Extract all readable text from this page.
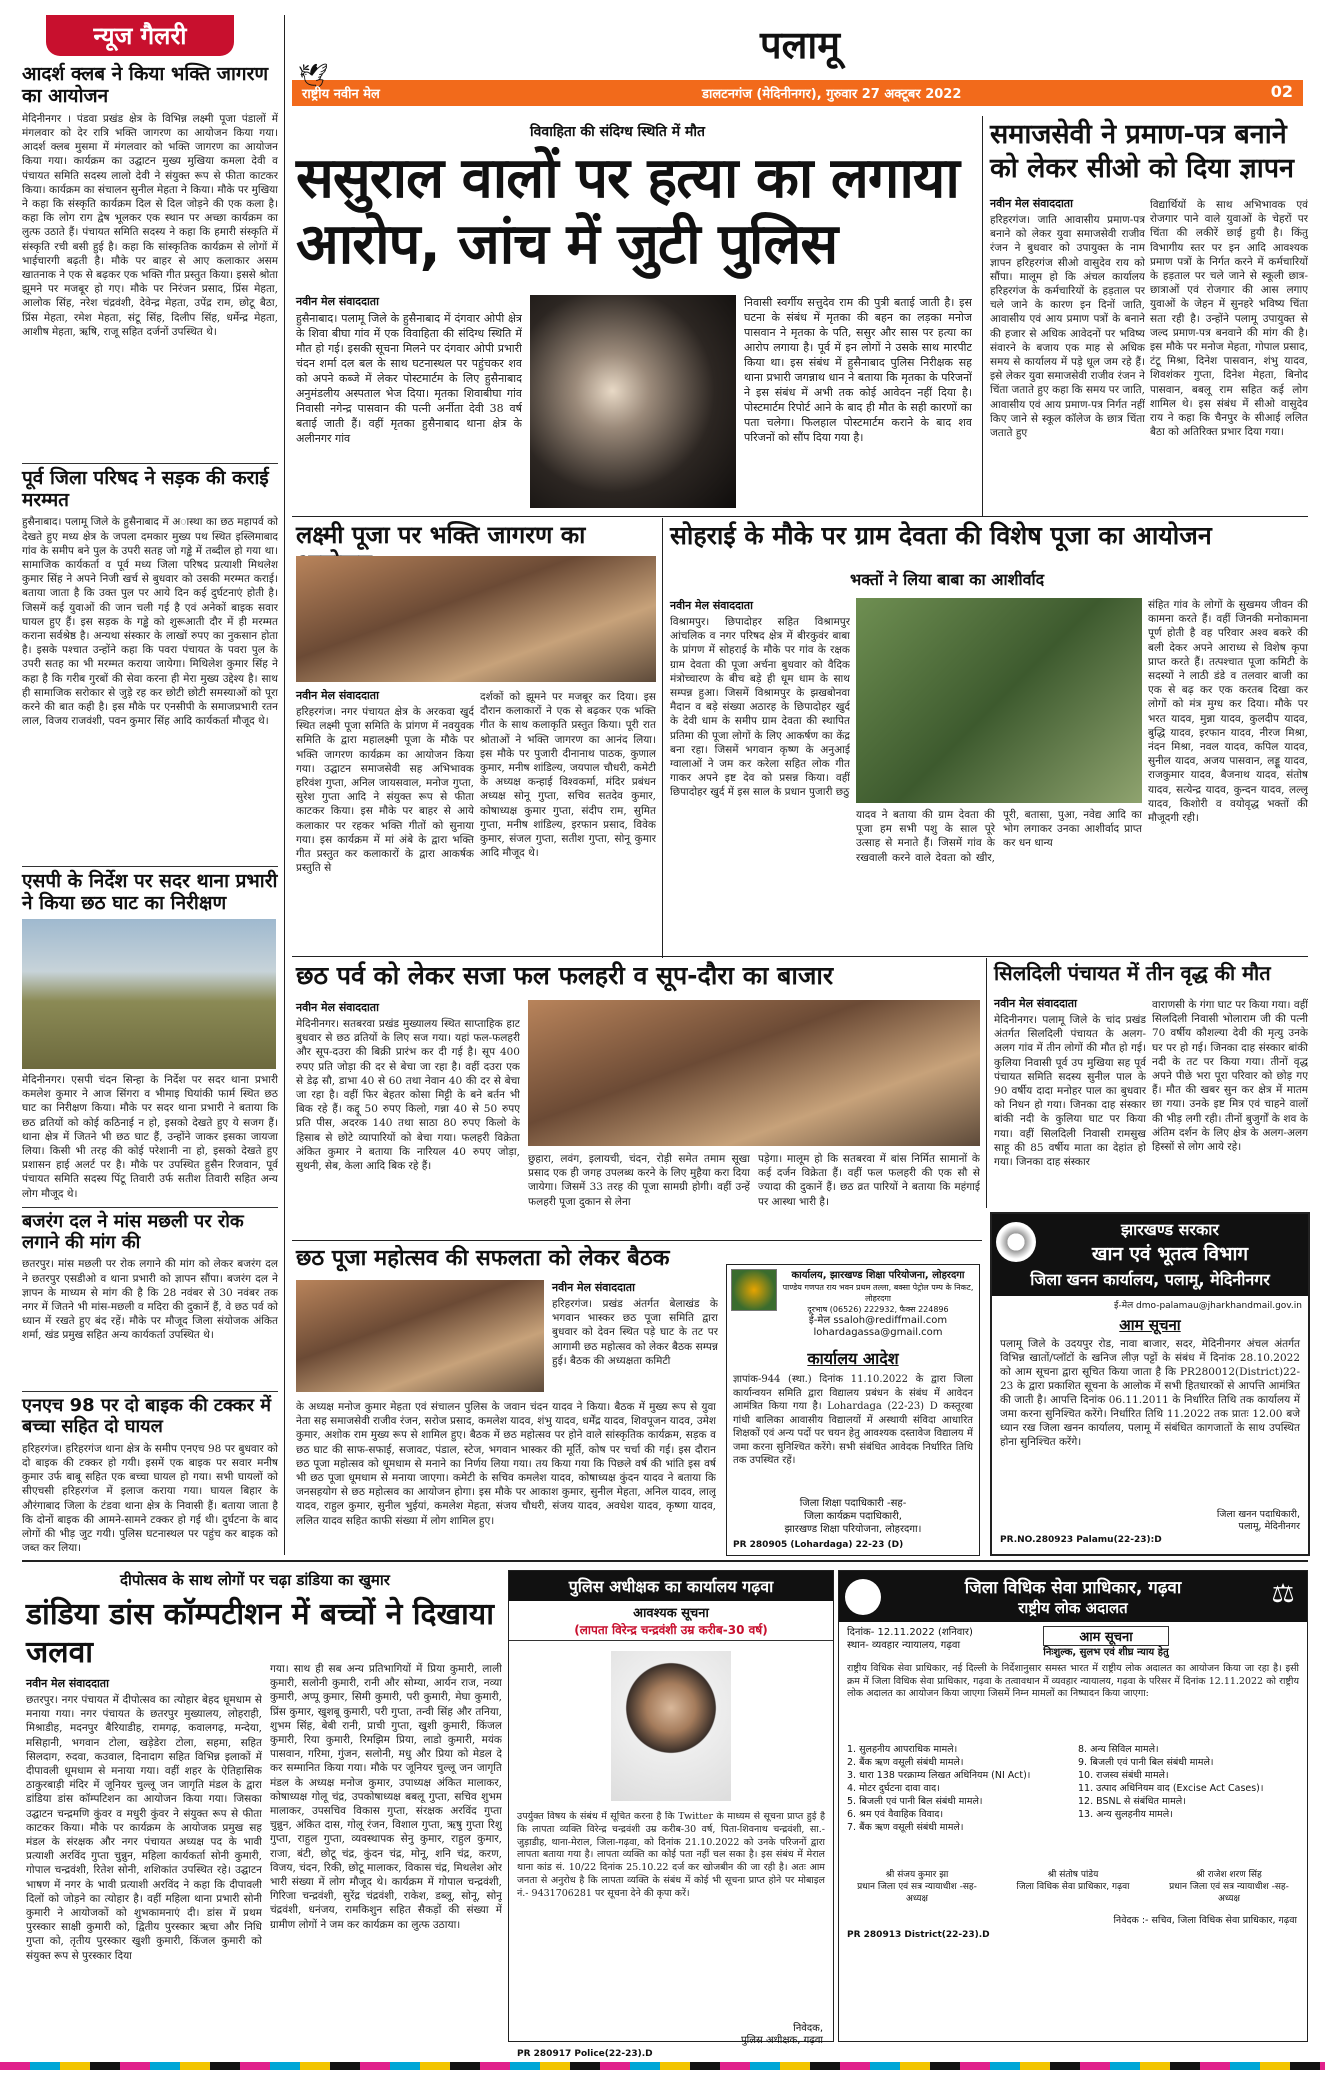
न्यूज गैलरी
आदर्श क्लब ने किया भक्ति जागरण का आयोजन
मेदिनीनगर । पंडवा प्रखंड क्षेत्र के विभिन्न लक्ष्मी पूजा पंडालों में मंगलवार को देर रात्रि भक्ति जागरण का आयोजन किया गया। आदर्श क्लब मुसमा में मंगलवार को भक्ति जागरण का आयोजन किया गया। कार्यक्रम का उद्घाटन मुख्य मुखिया कमला देवी व पंचायत समिति सदस्य लालो देवी ने संयुक्त रूप से फीता काटकर किया। कार्यक्रम का संचालन सुनील मेहता ने किया। मौके पर मुखिया ने कहा कि संस्कृति कार्यक्रम दिल से दिल जोड़ने की एक कला है। कहा कि लोग राग द्वेष भूलकर एक स्थान पर अच्छा कार्यक्रम का लुत्फ उठाते हैं। पंचायत समिति सदस्य ने कहा कि हमारी संस्कृति में संस्कृति रची बसी हुई है। कहा कि सांस्कृतिक कार्यक्रम से लोगों में भाईचारगी बढ़ती है। मौके पर बाहर से आए कलाकार असम खातनाक ने एक से बढ़कर एक भक्ति गीत प्रस्तुत किया। इससे श्रोता झूमने पर मजबूर हो गए। मौके पर निरंजन प्रसाद, प्रिंस मेहता, आलोक सिंह, नरेश चंद्रवंशी, देवेन्द्र मेहता, उपेंद्र राम, छोटू बैठा, प्रिंस मेहता, रमेश मेहता, संटू सिंह, दिलीप सिंह, धर्मेन्द्र मेहता, आशीष मेहता, ऋषि, राजू सहित दर्जनों उपस्थित थे।
पूर्व जिला परिषद ने सड़क की कराई मरम्मत
हुसैनाबाद। पलामू जिले के हुसैनाबाद में अास्था का छठ महापर्व को देखते हुए मध्य क्षेत्र के जपला दमकार मुख्य पथ स्थित इस्लिमाबाद गांव के समीप बने पुल के उपरी सतह जो गड्ढे में तब्दील हो गया था। सामाजिक कार्यकर्ता व पूर्व मध्य जिला परिषद प्रत्याशी मिथलेश कुमार सिंह ने अपने निजी खर्च से बुधवार को उसकी मरम्मत कराई। बताया जाता है कि उक्त पुल पर आये दिन कई दुर्घटनाएं होती है। जिसमें कई युवाओं की जान चली गई है एवं अनेकों बाइक सवार घायल हुए हैं। इस सड़क के गड्ढे को शुरूआती दौर में ही मरम्मत कराना सर्वश्रेष्ठ है। अन्यथा संस्कार के लाखों रुपए का नुकसान होता है। इसके पश्चात उन्होंने कहा कि पवरा पंचायत के पवरा पुल के उपरी सतह का भी मरम्मत कराया जायेगा। मिथिलेश कुमार सिंह ने कहा है कि गरीब गुरबों की सेवा करना ही मेरा मुख्य उद्देश्य है। साथ ही सामाजिक सरोकार से जुड़े रह कर छोटी छोटी समस्याओं को पूरा करने की बात कही है। इस मौके पर एनसीपी के समाजप्रभारी रतन लाल, विजय राजवंशी, पवन कुमार सिंह आदि कार्यकर्ता मौजूद थे।
एसपी के निर्देश पर सदर थाना प्रभारी ने किया छठ घाट का निरीक्षण
मेदिनीनगर। एसपी चंदन सिन्हा के निर्देश पर सदर थाना प्रभारी कमलेश कुमार ने आज सिंगरा व भीमाइ घियांकी फार्म स्थित छठ घाट का निरीक्षण किया। मौके पर सदर थाना प्रभारी ने बताया कि छठ व्रतियों को कोई कठिनाई न हो, इसको देखते हुए ये सजग हैं। थाना क्षेत्र में जितने भी छठ घाट हैं, उन्होंने जाकर इसका जायजा लिया। किसी भी तरह की कोई परेशानी ना हो, इसको देखते हुए प्रशासन हाई अलर्ट पर है। मौके पर उपस्थित हुसैन रिजवान, पूर्व पंचायत समिति सदस्य पिंटू तिवारी उर्फ सतीश तिवारी सहित अन्य लोग मौजूद थे।
बजरंग दल ने मांस मछली पर रोक लगाने की मांग की
छतरपुर। मांस मछली पर रोक लगाने की मांग को लेकर बजरंग दल ने छतरपुर एसडीओ व थाना प्रभारी को ज्ञापन सौंपा। बजरंग दल ने ज्ञापन के माध्यम से मांग की है कि 28 नवंबर से 30 नवंबर तक नगर में जितने भी मांस-मछली व मदिरा की दुकानें हैं, वे छठ पर्व को ध्यान में रखते हुए बंद रहें। मौके पर मौजूद जिला संयोजक अंकित शर्मा, खंड प्रमुख सहित अन्य कार्यकर्ता उपस्थित थे।
एनएच 98 पर दो बाइक की टक्कर में बच्चा सहित दो घायल
हरिहरगंज। हरिहरगंज थाना क्षेत्र के समीप एनएच 98 पर बुधवार को दो बाइक की टक्कर हो गयी। इसमें एक बाइक पर सवार मनीष कुमार उर्फ बाबू सहित एक बच्चा घायल हो गया। सभी घायलों को सीएचसी हरिहरगंज में इलाज कराया गया। घायल बिहार के औरंगाबाद जिला के टंडवा थाना क्षेत्र के निवासी हैं। बताया जाता है कि दोनों बाइक की आमने-सामने टक्कर हो गई थी। दुर्घटना के बाद लोगों की भीड़ जुट गयी। पुलिस घटनास्थल पर पहुंच कर बाइक को जब्त कर लिया।
पलामू
🕊
राष्ट्रीय नवीन मेल	डालटनगंज (मेदिनीनगर), गुरुवार 27 अक्टूबर 2022	02
विवाहिता की संदिग्ध स्थिति में मौत
ससुराल वालों पर हत्या का लगाया आरोप, जांच में जुटी पुलिस
नवीन मेल संवाददाता
हुसैनाबाद। पलामू जिले के हुसैनाबाद में दंगवार ओपी क्षेत्र के शिवा बीघा गांव में एक विवाहिता की संदिग्ध स्थिति में मौत हो गई। इसकी सूचना मिलने पर दंगवार ओपी प्रभारी चंदन शर्मा दल बल के साथ घटनास्थल पर पहुंचकर शव को अपने कब्जे में लेकर पोस्टमार्टम के लिए हुसैनाबाद अनुमंडलीय अस्पताल भेज दिया। मृतका शिवाबीघा गांव निवासी नगेन्द्र पासवान की पत्नी अर्नीता देवी 38 वर्ष बताई जाती हैं। वहीं मृतका हुसैनाबाद थाना क्षेत्र के अलीनगर गांव
निवासी स्वर्गीय सत्तुदेव राम की पुत्री बताई जाती है। इस घटना के संबंध में मृतका की बहन का लड़का मनोज पासवान ने मृतका के पति, ससुर और सास पर हत्या का आरोप लगाया है। पूर्व में इन लोगों ने उसके साथ मारपीट किया था। इस संबंध में हुसैनाबाद पुलिस निरीक्षक सह थाना प्रभारी जगन्नाथ धान ने बताया कि मृतका के परिजनों ने इस संबंध में अभी तक कोई आवेदन नहीं दिया है। पोस्टमार्टम रिपोर्ट आने के बाद ही मौत के सही कारणों का पता चलेगा। फिलहाल पोस्टमार्टम कराने के बाद शव परिजनों को सौंप दिया गया है।
समाजसेवी ने प्रमाण-पत्र बनाने को लेकर सीओ को दिया ज्ञापन
नवीन मेल संवाददाता
हरिहरगंज। जाति आवासीय प्रमाण-पत्र बनाने को लेकर युवा समाजसेवी राजीव रंजन ने बुधवार को उपायुक्त के नाम ज्ञापन हरिहरगंज सीओ वासुदेव राय को सौंपा। मालूम हो कि अंचल कार्यालय हरिहरगंज के कर्मचारियों के हड़ताल पर चले जाने के कारण इन दिनों जाति, आवासीय एवं आय प्रमाण पत्रों के बनाने की हजार से अधिक आवेदनों पर भविष्य संवारने के बजाय एक माह से अधिक समय से कार्यालय में पड़े धूल जम रहे हैं। इसे लेकर युवा समाजसेवी राजीव रंजन ने चिंता जताते हुए कहा कि समय पर जाति, आवासीय एवं आय प्रमाण-पत्र निर्गत नहीं किए जाने से स्कूल कॉलेज के छात्र चिंता जताते हुए
विद्यार्थियों के साथ अभिभावक एवं रोजगार पाने वाले युवाओं के चेहरों पर चिंता की लकीरें छाई हुयी है। किंतु विभागीय स्तर पर इन आदि आवश्यक प्रमाण पत्रों के निर्गत करने में कर्मचारियों के हड़ताल पर चले जाने से स्कूली छात्र-छात्राओं एवं रोजगार की आस लगाए युवाओं के जेहन में सुनहरे भविष्य चिंता सता रही है। उन्होंने पलामू उपायुक्त से जल्द प्रमाण-पत्र बनवाने की मांग की है। इस मौके पर मनोज मेहता, गोपाल प्रसाद, टंटू मिश्रा, दिनेश पासवान, शंभु यादव, शिवशंकर गुप्ता, दिनेश मेहता, बिनोद पासवान, बबलू राम सहित कई लोग शामिल थे। इस संबंध में सीओ वासुदेव राय ने कहा कि चैनपुर के सीआई ललित बैठा को अतिरिक्त प्रभार दिया गया।
लक्ष्मी पूजा पर भक्ति जागरण का
नवीन मेल संवाददाता
हरिहरगंज। नगर पंचायत क्षेत्र के अरकवा खुर्द स्थित लक्ष्मी पूजा समिति के प्रांगण में नवयुवक समिति के द्वारा महालक्ष्मी पूजा के मौके पर भक्ति जागरण कार्यक्रम का आयोजन किया गया। उद्घाटन समाजसेवी सह अभिभावक हरिवंश गुप्ता, अनिल जायसवाल, मनोज गुप्ता, सुरेश गुप्ता आदि ने संयुक्त रूप से फीता काटकर किया। इस मौके पर बाहर से आये कलाकार पर रहकर भक्ति गीतों को सुनाया गया। इस कार्यक्रम में मां अंबे के द्वारा भक्ति गीत प्रस्तुत कर कलाकारों के द्वारा आकर्षक प्रस्तुति से
दर्शकों को झूमने पर मजबूर कर दिया। इस दौरान कलाकारों ने एक से बढ़कर एक भक्ति गीत के साथ कलाकृति प्रस्तुत किया। पूरी रात श्रोताओं ने भक्ति जागरण का आनंद लिया। इस मौके पर पुजारी दीनानाथ पाठक, कुणाल कुमार, मनीष शांडिल्य, जयपाल चौधरी, कमेटी के अध्यक्ष कन्हाई विश्वकर्मा, मंदिर प्रबंधन अध्यक्ष सोनू गुप्ता, सचिव सतदेव कुमार, कोषाध्यक्ष कुमार गुप्ता, संदीप राम, सुमित गुप्ता, मनीष शांडिल्य, इरफान प्रसाद, विवेक कुमार, संजल गुप्ता, सतीश गुप्ता, सोनू कुमार आदि मौजूद थे।
सोहराई के मौके पर ग्राम देवता की विशेष पूजा का आयोजन
भक्तों ने लिया बाबा का आशीर्वाद
नवीन मेल संवाददाता
विश्रामपुर। छिपादोहर सहित विश्रामपुर आंचलिक व नगर परिषद क्षेत्र में बीरकुवंर बाबा के प्रांगण में सोहराई के मौके पर गांव के रक्षक ग्राम देवता की पूजा अर्चना बुधवार को वैदिक मंत्रोच्चारण के बीच बड़े ही धूम धाम के साथ सम्पन्न हुआ। जिसमें विश्रामपुर के झखबोनवा मैदान व बड़े संख्या अठारह के छिपादोहर खुर्द के देवी धाम के समीप ग्राम देवता की स्थापित प्रतिमा की पूजा लोगों के लिए आकर्षण का केंद्र बना रहा। जिसमें भगवान कृष्ण के अनुआई ग्वालाओं ने जम कर करेला सहित लोक गीत गाकर अपने इष्ट देव को प्रसन्न किया। वहीं छिपादोहर खुर्द में इस साल के प्रधान पुजारी छठु
यादव ने बताया की ग्राम देवता की पूजा हम सभी पशु के साल पूरे उत्साह से मनाते हैं। जिसमें गांव के रखवाली करने वाले देवता को खीर, पूरी, बतासा, पुआ, नवेद्य आदि का भोग लगाकर उनका आशीर्वाद प्राप्त कर धन धान्य
संहित गांव के लोगों के सुखमय जीवन की कामना करते हैं। वहीं जिनकी मनोकामना पूर्ण होती है वह परिवार अश्व बकरे की बली देकर अपने आराध्य से विशेष कृपा प्राप्त करते हैं। तत्पश्चात पूजा कमिटी के सदस्यों ने लाठी डंडे व तलवार बाजी का एक से बढ़ कर एक करतब दिखा कर लोगों को मंत्र मुग्ध कर दिया। मौके पर भरत यादव, मुन्ना यादव, कुलदीप यादव, बुद्धि यादव, इरफान यादव, नीरज मिश्रा, नंदन मिश्रा, नवल यादव, कपिल यादव, सुनील यादव, अजय पासवान, लड्डू यादव, राजकुमार यादव, बैजनाथ यादव, संतोष यादव, सत्येन्द्र यादव, कुन्दन यादव, लल्लू यादव, किशोरी व वयोवृद्ध भक्तों की मौजूदगी रही।
छठ पर्व को लेकर सजा फल फलहरी व सूप-दौरा का बाजार
नवीन मेल संवाददाता
मेदिनीनगर। सतबरवा प्रखंड मुख्यालय स्थित साप्ताहिक हाट बुधवार से छठ व्रतियों के लिए सज गया। यहां फल-फलहरी और सूप-दउरा की बिक्री प्रारंभ कर दी गई है। सूप 400 रुपए प्रति जोड़ा की दर से बेचा जा रहा है। वहीं दउरा एक से डेढ़ सौ, डाभा 40 से 60 तथा नेवान 40 की दर से बेचा जा रहा है। वहीं फिर बेहतर कोसा मिट्टी के बने बर्तन भी बिक रहे हैं। कद्दू 50 रुपए किलो, गन्ना 40 से 50 रुपए प्रति पीस, अदरक 140 तथा साठा 80 रुपए किलो के हिसाब से छोटे व्यापारियों को बेचा गया। फलहरी विक्रेता अंकित कुमार ने बताया कि नारियल 40 रुपए जोड़ा, सुथनी, सेब, केला आदि बिक रहे हैं।
छुहारा, लवंग, इलायची, चंदन, रोड़ी समेत तमाम सूखा प्रसाद एक ही जगह उपलब्ध करने के लिए मुहैया करा दिया जायेगा। जिसमें 33 तरह की पूजा सामग्री होगी। वहीं उन्हें फलहरी पूजा दुकान से लेना
पड़ेगा। मालूम हो कि सतबरवा में बांस निर्मित सामानों के कई दर्जन विक्रेता हैं। वहीं फल फलहरी की एक सौ से ज्यादा की दुकानें हैं। छठ व्रत पारियों ने बताया कि महंगाई पर आस्था भारी है।
सिलदिली पंचायत में तीन वृद्ध की मौत
नवीन मेल संवाददाता
मेदिनीनगर। पलामू जिले के चांद प्रखंड अंतर्गत सिलदिली पंचायत के अलग-अलग गांव में तीन लोगों की मौत हो गई। कुलिया निवासी पूर्व उप मुखिया सह पूर्व पंचायत समिति सदस्य सुनील पाल के 90 वर्षीय दादा मनोहर पाल का बुधवार को निधन हो गया। जिनका दाह संस्कार बांकी नदी के कुलिया घाट पर किया गया। वहीं सिलदिली निवासी रामसुख साहू की 85 वर्षीय माता का देहांत हो गया। जिनका दाह संस्कार
वाराणसी के गंगा घाट पर किया गया। वहीं सिलदिली निवासी भोलाराम जी की पत्नी 70 वर्षीय कौशल्या देवी की मृत्यु उनके घर पर हो गई। जिनका दाह संस्कार बांकी नदी के तट पर किया गया। तीनों वृद्ध अपने पीछे भरा पूरा परिवार को छोड़ गए हैं। मौत की खबर सुन कर क्षेत्र में मातम छा गया। उनके इष्ट मित्र एवं चाहने वालों की भीड़ लगी रही। तीनों बुजुर्गों के शव के अंतिम दर्शन के लिए क्षेत्र के अलग-अलग हिस्सों से लोग आये रहे।
छठ पूजा महोत्सव की सफलता को लेकर बैठक
नवीन मेल संवाददाता
हरिहरगंज। प्रखंड अंतर्गत बेलाखंड के भगवान भास्कर छठ पूजा समिति द्वारा बुधवार को देवन स्थित पड़े घाट के तट पर आगामी छठ महोत्सव को लेकर बैठक सम्पन्न हुई। बैठक की अध्यक्षता कमिटी
के अध्यक्ष मनोज कुमार मेहता एवं संचालन पुलिस के जवान चंदन यादव ने किया। बैठक में मुख्य रूप से युवा नेता सह समाजसेवी राजीव रंजन, सरोज प्रसाद, कमलेश यादव, शंभु यादव, धर्मेंद्र यादव, शिवपूजन यादव, उमेश कुमार, अशोक राम मुख्य रूप से शामिल हुए। बैठक में छठ महोत्सव पर होने वाले सांस्कृतिक कार्यक्रम, सड़क व छठ घाट की साफ-सफाई, सजावट, पंडाल, स्टेज, भगवान भास्कर की मूर्ति, कोष पर चर्चा की गई। इस दौरान छठ पूजा महोत्सव को धूमधाम से मनाने का निर्णय लिया गया। तय किया गया कि पिछले वर्ष की भांति इस वर्ष भी छठ पूजा धूमधाम से मनाया जाएगा। कमेटी के सचिव कमलेश यादव, कोषाध्यक्ष कुंदन यादव ने बताया कि जनसहयोग से छठ महोत्सव का आयोजन होगा। इस मौके पर आकाश कुमार, सुनील मेहता, अनिल यादव, लालू यादव, राहुल कुमार, सुनील भुईयां, कमलेश मेहता, संजय चौधरी, संजय यादव, अवधेश यादव, कृष्णा यादव, ललित यादव सहित काफी संख्या में लोग शामिल हुए।
कार्यालय, झारखण्ड शिक्षा परियोजना, लोहरदगा
पाण्डेय गणपत राय भवन प्रथम तल्ला, बक्सा पेट्रोल पम्प के निकट, लोहरदगा
दूरभाष (06526) 222932, फैक्स 224896
ई-मेल ssaloh@rediffmail.com
lohardagassa@gmail.com
कार्यालय आदेश
ज्ञापांक-944 (स्था.) दिनांक 11.10.2022 के द्वारा जिला कार्यान्वयन समिति द्वारा विद्यालय प्रबंधन के संबंध में आवेदन आमंत्रित किया गया है। Lohardaga (22-23) D कस्तूरबा गांधी बालिका आवासीय विद्यालयों में अस्थायी संविदा आधारित शिक्षकों एवं अन्य पदों पर चयन हेतु आवश्यक दस्तावेज विद्यालय में जमा करना सुनिश्चित करेंगे। सभी संबंधित आवेदक निर्धारित तिथि तक उपस्थित रहें।
जिला शिक्षा पदाधिकारी -सह-
जिला कार्यक्रम पदाधिकारी,
झारखण्ड शिक्षा परियोजना, लोहरदगा।
PR 280905 (Lohardaga) 22-23 (D)
झारखण्ड सरकार
खान एवं भूतत्व विभाग
जिला खनन कार्यालय, पलामू, मेदिनीनगर
ई-मेल dmo-palamau@jharkhandmail.gov.in
आम सूचना
पलामू जिले के उदयपुर रोड, नावा बाजार, सदर, मेदिनीनगर अंचल अंतर्गत विभिन्न खातों/प्लॉटों के खनिज लीज़ पट्टों के संबंध में दिनांक 28.10.2022 को आम सूचना द्वारा सूचित किया जाता है कि PR280012(District)22-23 के द्वारा प्रकाशित सूचना के आलोक में सभी हितधारकों से आपत्ति आमंत्रित की जाती है। आपत्ति दिनांक 06.11.2011 के निर्धारित तिथि तक कार्यालय में जमा करना सुनिश्चित करेंगे। निर्धारित तिथि 11.2022 तक प्रातः 12.00 बजे ध्यान रख जिला खनन कार्यालय, पलामू में संबंधित कागजातों के साथ उपस्थित होना सुनिश्चित करेंगे।
जिला खनन पदाधिकारी,
पलामू, मेदिनीनगर
PR.NO.280923 Palamu(22-23):D
दीपोत्सव के साथ लोगों पर चढ़ा डांडिया का खुमार
डांडिया डांस कॉम्पटीशन में बच्चों ने दिखाया जलवा
नवीन मेल संवाददाता
छतरपुर। नगर पंचायत में दीपोत्सव का त्योहार बेहद धूमधाम से मनाया गया। नगर पंचायत के छतरपुर मुख्यालय, लोहराही, मिश्राडीह, मदनपुर बैरियाडीह, रामगढ़, कवालगढ़, मन्देया, मसिहानी, भगवान टोला, खड़ेडेरा टोला, सहमा, सहित सिलदाग, रुदवा, कउवाल, दिनादाग सहित विभिन्न इलाकों में दीपावली धूमधाम से मनाया गया। वहीं शहर के ऐतिहासिक ठाकुरबाड़ी मंदिर में जूनियर चुल्लू जन जागृति मंडल के द्वारा डांडिया डांस कॉम्पटिशन का आयोजन किया गया। जिसका उद्घाटन चन्द्रमणि कुंवर व मधुरी कुंवर ने संयुक्त रूप से फीता काटकर किया। मौके पर कार्यक्रम के आयोजक प्रमुख सह मंडल के संरक्षक और नगर पंचायत अध्यक्ष पद के भावी प्रत्याशी अरविंद गुप्ता चुन्नुन, महिला कार्यकर्ता सोनी कुमारी, गोपाल चन्द्रवंशी, रितेश सोनी, शशिकांत उपस्थित रहे। उद्घाटन भाषण में नगर के भावी प्रत्याशी अरविंद ने कहा कि दीपावली दिलों को जोड़ने का त्योहार है। वहीं महिला थाना प्रभारी सोनी कुमारी ने आयोजकों को शुभकामनाएं दी। डांस में प्रथम पुरस्कार साक्षी कुमारी को, द्वितीय पुरस्कार ऋचा और निधि गुप्ता को, तृतीय पुरस्कार खुशी कुमारी, किंजल कुमारी को संयुक्त रूप से पुरस्कार दिया
गया। साथ ही सब अन्य प्रतिभागियों में प्रिया कुमारी, लाली कुमारी, सलोनी कुमारी, रानी और सोम्या, आर्यन राज, नव्या कुमारी, अप्पू कुमार, सिमी कुमारी, परी कुमारी, मेघा कुमारी, प्रिंस कुमार, खुशबू कुमारी, परी गुप्ता, तन्वी सिंह और तनिया, शुभम सिंह, बेबी रानी, प्राची गुप्ता, खुशी कुमारी, किंजल कुमारी, रिया कुमारी, रिमझिम प्रिया, लाडो कुमारी, मयंक पासवान, गरिमा, गुंजन, सलोनी, मधु और प्रिया को मेडल दे कर सम्मानित किया गया। मौके पर जूनियर चुल्लू जन जागृति मंडल के अध्यक्ष मनोज कुमार, उपाध्यक्ष अंकित मालाकर, कोषाध्यक्ष गोलू चंद्र, उपकोषाध्यक्ष बबलू गुप्ता, सचिव शुभम मालाकर, उपसचिव विकास गुप्ता, संरक्षक अरविंद गुप्ता चुन्नुन, अंकित दास, गोलू रंजन, विशाल गुप्ता, ऋषु गुप्ता रिशु गुप्ता, राहुल गुप्ता, व्यवस्थापक सेनु कुमार, राहुल कुमार, राजा, बंटी, छोटू चंद्र, कुंदन चंद्र, मोनू, शनि चंद्र, करण, विजय, चंदन, रिकी, छोटू मालाकर, विकास चंद्र, मिथलेश ओर भारी संख्या में लोग मौजूद थे। कार्यक्रम में गोपाल चन्द्रवंशी, गिरिजा चन्द्रवंशी, सुरेंद्र चंद्रवंशी, राकेश, डब्लू, सोनू, सोनू चंद्रवंशी, धनंजय, रामकिशुन सहित सैकड़ों की संख्या में ग्रामीण लोगों ने जम कर कार्यक्रम का लुत्फ उठाया।
पुलिस अधीक्षक का कार्यालय गढ़वा
आवश्यक सूचना
(लापता विरेन्द्र चन्द्रवंशी उम्र करीब-30 वर्ष)
उपर्युक्त विषय के संबंध में सूचित करना है कि Twitter के माध्यम से सूचना प्राप्त हुई है कि लापता व्यक्ति विरेन्द्र चन्द्रवंशी उम्र करीब-30 वर्ष, पिता-शिवनाथ चन्द्रवंशी, सा.-जुड़ाडीह, थाना-मेराल, जिला-गढ़वा, को दिनांक 21.10.2022 को उनके परिजनों द्वारा लापता बताया गया है। लापता व्यक्ति का कोई पता नहीं चल सका है। इस संबंध में मेराल थाना कांड सं. 10/22 दिनांक 25.10.22 दर्ज कर खोजबीन की जा रही है। अतः आम जनता से अनुरोध है कि लापता व्यक्ति के संबंध में कोई भी सूचना प्राप्त होने पर मोबाइल नं.- 9431706281 पर सूचना देने की कृपा करें।
निवेदक,
पुलिस अधीक्षक, गढ़वा
PR 280917 Police(22-23).D
जिला विधिक सेवा प्राधिकार, गढ़वा
राष्ट्रीय लोक अदालत	⚖
दिनांक- 12.11.2022 (शनिवार)
स्थान- व्यवहार न्यायालय, गढ़वा
आम सूचना
निःशुल्क, सुलभ एवं शीघ्र न्याय हेतु
राष्ट्रीय विधिक सेवा प्राधिकार, नई दिल्ली के निर्देशानुसार समस्त भारत में राष्ट्रीय लोक अदालत का आयोजन किया जा रहा है। इसी क्रम में जिला विधिक सेवा प्राधिकार, गढ़वा के तत्वावधान में व्यवहार न्यायालय, गढ़वा के परिसर में दिनांक 12.11.2022 को राष्ट्रीय लोक अदालत का आयोजन किया जाएगा जिसमें निम्न मामलों का निष्पादन किया जाएगा:
1. सुलहनीय आपराधिक मामले।
2. बैंक ऋण वसूली संबंधी मामले।
3. धारा 138 परक्राम्य लिखत अधिनियम (NI Act)।
4. मोटर दुर्घटना दावा वाद।
5. बिजली एवं पानी बिल संबंधी मामले।
6. श्रम एवं वैवाहिक विवाद।
7. बैंक ऋण वसूली संबंधी मामले।
8. अन्य सिविल मामले।
9. बिजली एवं पानी बिल संबंधी मामले।
10. राजस्व संबंधी मामले।
11. उत्पाद अधिनियम वाद (Excise Act Cases)।
12. BSNL से संबंधित मामले।
13. अन्य सुलहनीय मामले।
श्री संजय कुमार झा
प्रधान जिला एवं सत्र न्यायाधीश -सह- अध्यक्ष
श्री संतोष पांडेय
जिला विधिक सेवा प्राधिकार, गढ़वा
श्री राजेश शरण सिंह
प्रधान जिला एवं सत्र न्यायाधीश -सह- अध्यक्ष
निवेदक :- सचिव, जिला विधिक सेवा प्राधिकार, गढ़वा
PR 280913 District(22-23).D
